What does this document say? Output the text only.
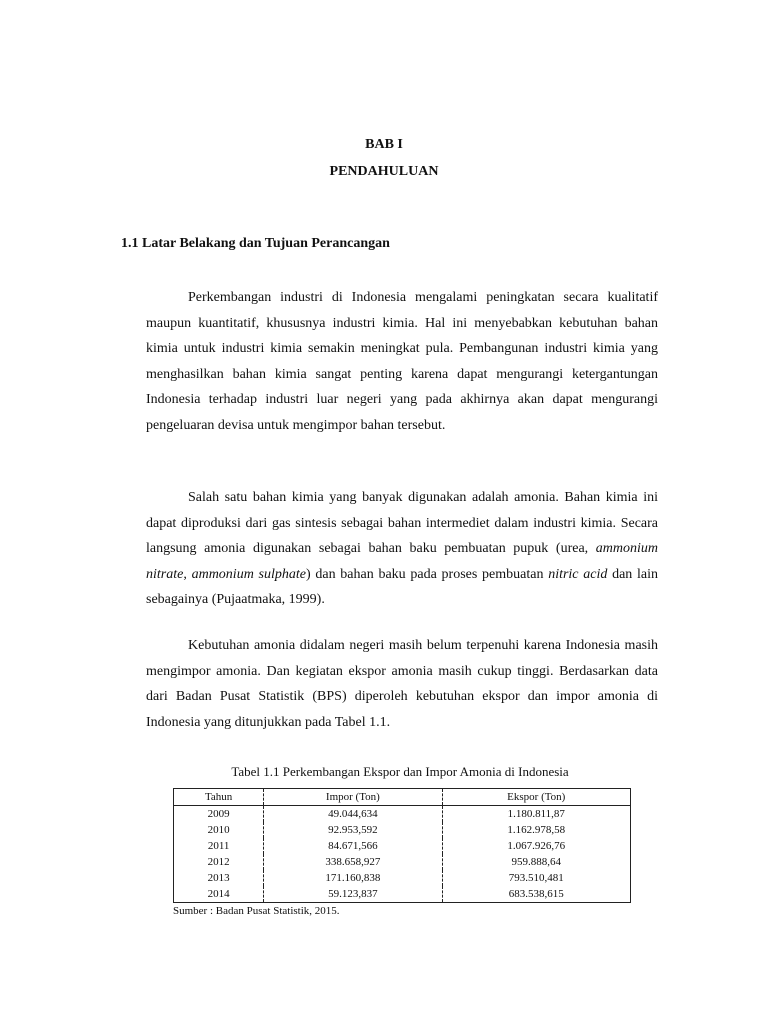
BAB I
PENDAHULUAN
1.1 Latar Belakang dan Tujuan Perancangan

Perkembangan industri di Indonesia mengalami peningkatan secara kualitatif maupun kuantitatif, khususnya industri kimia. Hal ini menyebabkan kebutuhan bahan kimia untuk industri kimia semakin meningkat pula. Pembangunan industri kimia yang menghasilkan bahan kimia sangat penting karena dapat mengurangi ketergantungan Indonesia terhadap industri luar negeri yang pada akhirnya akan dapat mengurangi pengeluaran devisa untuk mengimpor bahan tersebut.

Salah satu bahan kimia yang banyak digunakan adalah amonia. Bahan kimia ini dapat diproduksi dari gas sintesis sebagai bahan intermediet dalam industri kimia. Secara langsung amonia digunakan sebagai bahan baku pembuatan pupuk (urea, ammonium nitrate, ammonium sulphate) dan bahan baku pada proses pembuatan nitric acid dan lain sebagainya (Pujaatmaka, 1999).

Kebutuhan amonia didalam negeri masih belum terpenuhi karena Indonesia masih mengimpor amonia. Dan kegiatan ekspor amonia masih cukup tinggi. Berdasarkan data dari Badan Pusat Statistik (BPS) diperoleh kebutuhan ekspor dan impor amonia di Indonesia yang ditunjukkan pada Tabel 1.1.

Tabel 1.1 Perkembangan Ekspor dan Impor Amonia di Indonesia
Tahun	Impor (Ton)	Ekspor (Ton)
2009	49.044,634	1.180.811,87
2010	92.953,592	1.162.978,58
2011	84.671,566	1.067.926,76
2012	338.658,927	959.888,64
2013	171.160,838	793.510,481
2014	59.123,837	683.538,615
Sumber : Badan Pusat Statistik, 2015.
